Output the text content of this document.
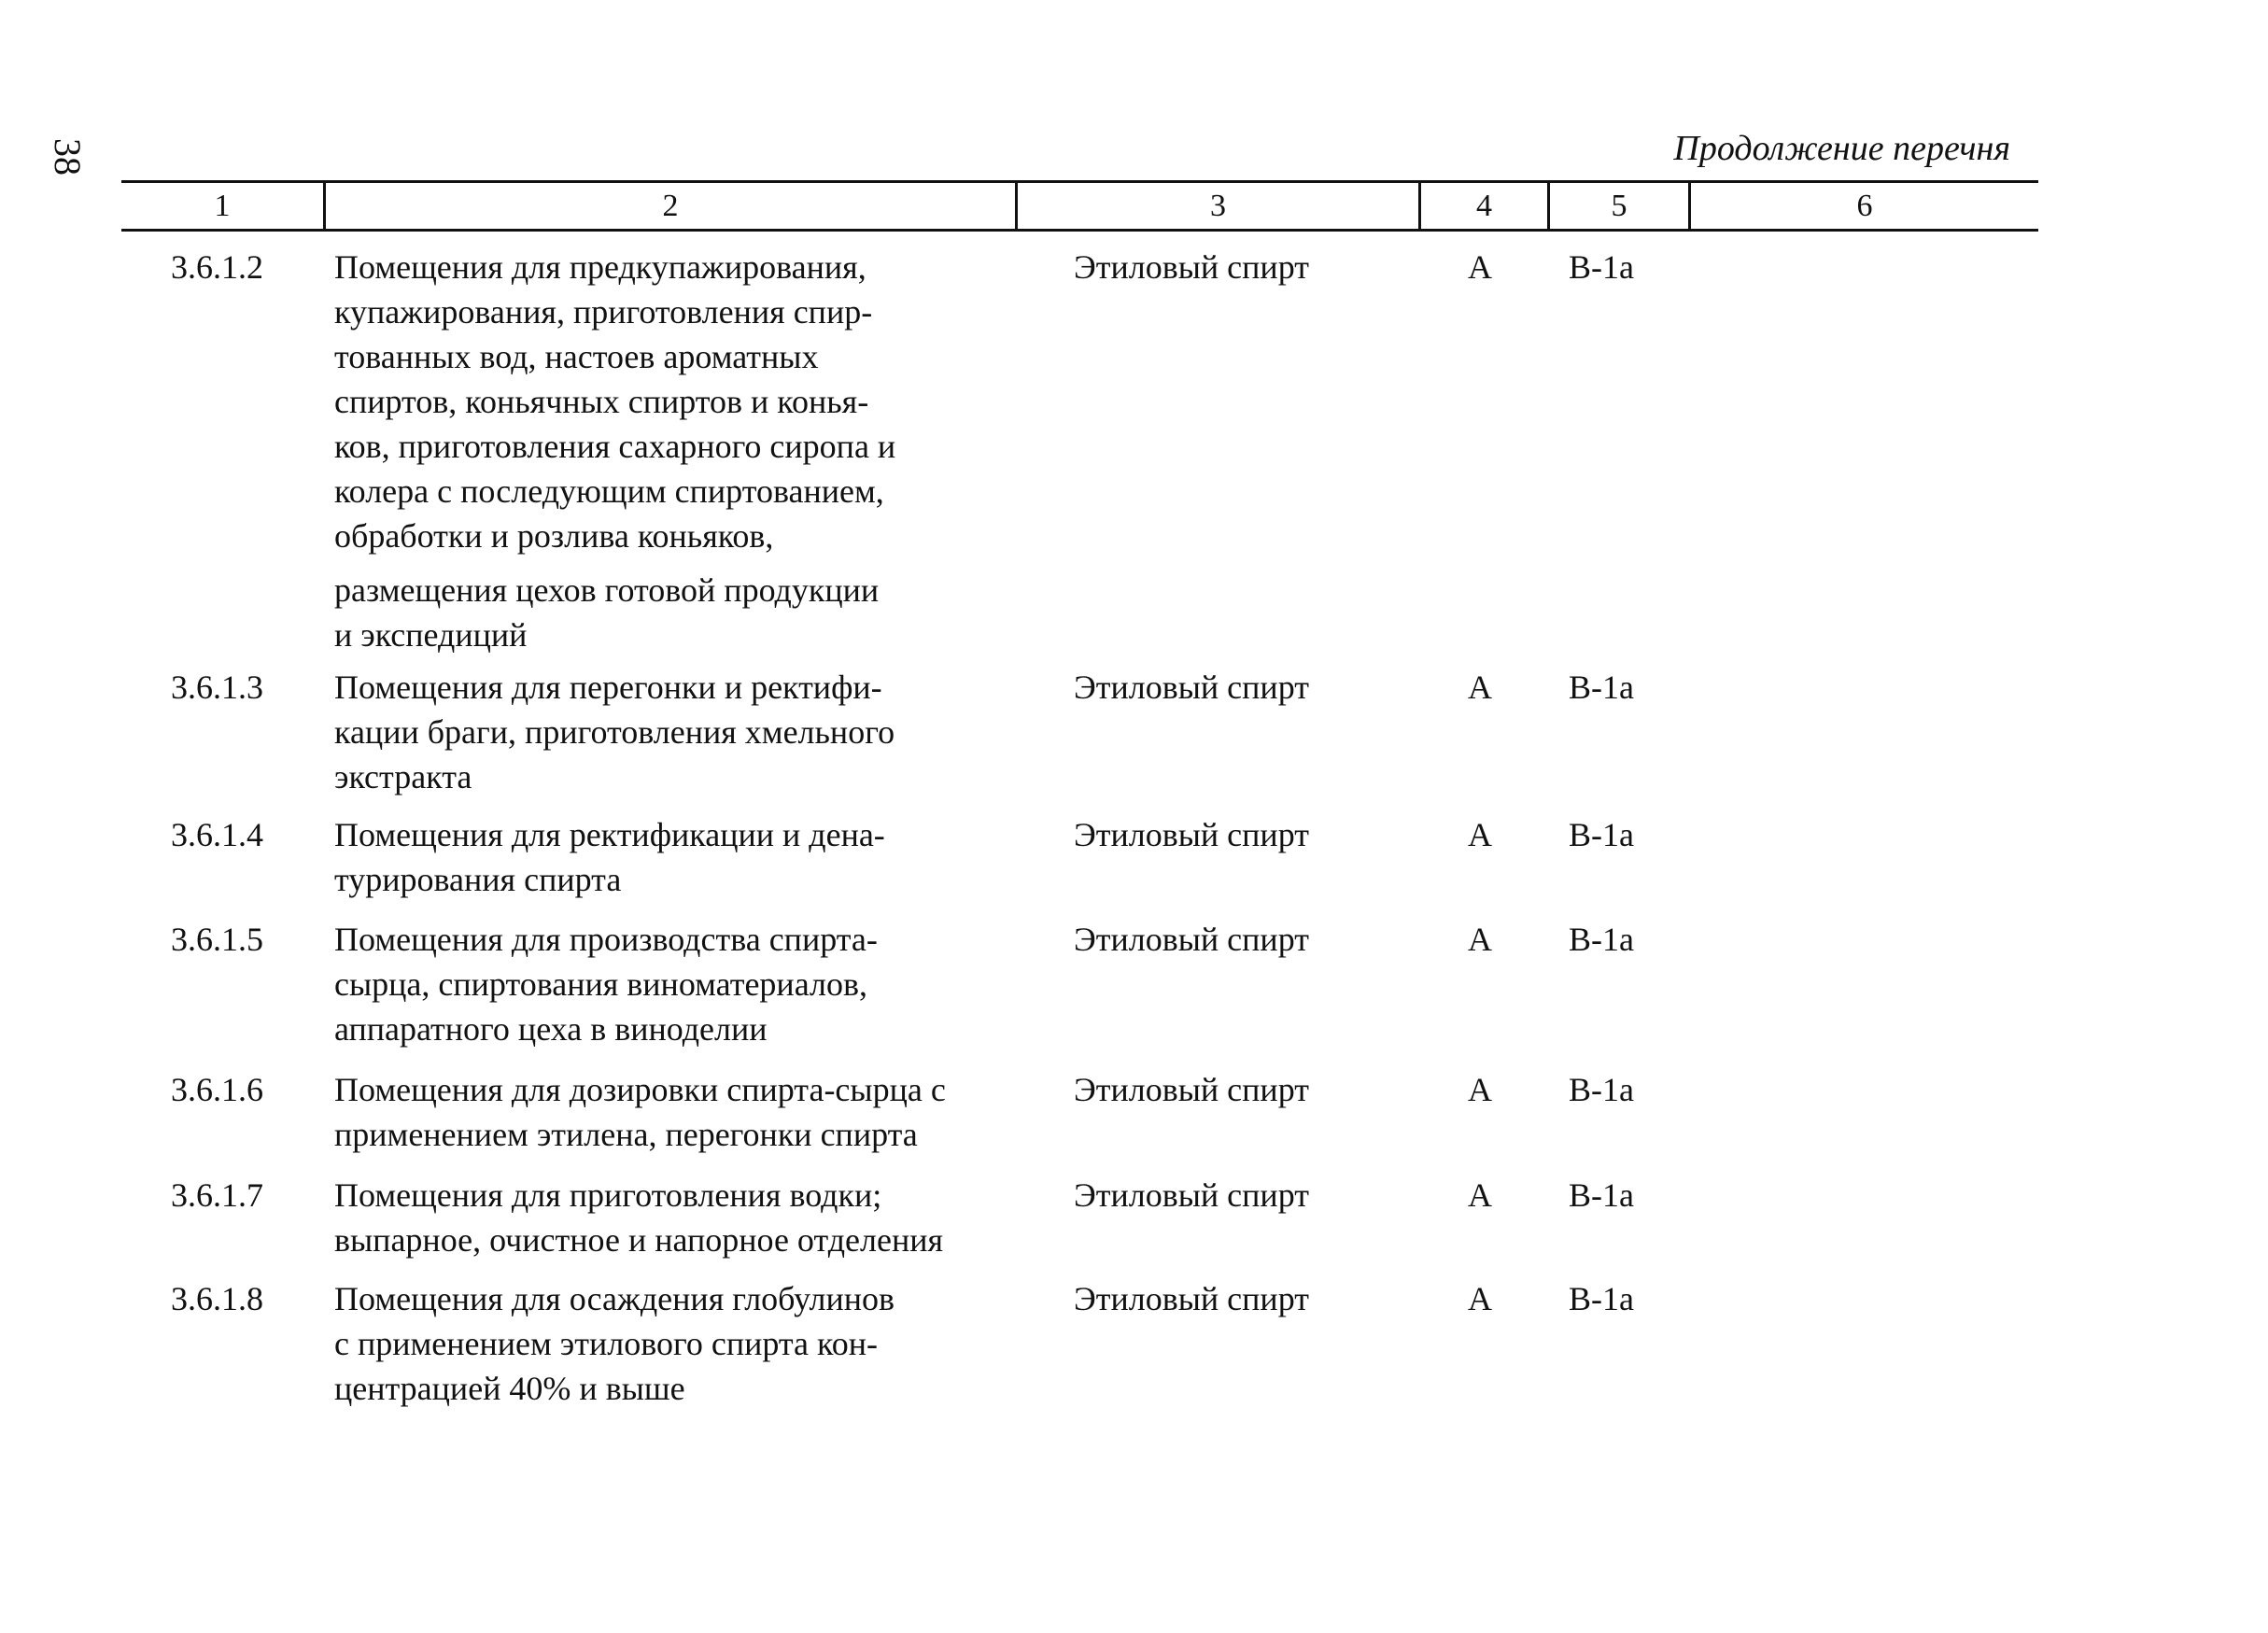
38	Продолжение перечня
1	2	3	4	5	6
3.6.1.2 Помещения для предкупажирования,
купажирования, приготовления спир-
тованных вод, настоев ароматных
спиртов, коньячных спиртов и конья-
ков, приготовления сахарного сиропа и
колера с последующим спиртованием,
обработки и розлива коньяков,
размещения цехов готовой продукции
и экспедиций
Этиловый спирт	А	В-1а
3.6.1.3 Помещения для перегонки и ректифи-
кации браги, приготовления хмельного
экстракта
Этиловый спирт	А	В-1а
3.6.1.4 Помещения для ректификации и дена-
турирования спирта
Этиловый спирт	А	В-1а
3.6.1.5 Помещения для производства спирта-
сырца, спиртования виноматериалов,
аппаратного цеха в виноделии
Этиловый спирт	А	В-1а
3.6.1.6 Помещения для дозировки спирта-сырца с
применением этилена, перегонки спирта
Этиловый спирт	А	В-1а
3.6.1.7 Помещения для приготовления водки;
выпарное, очистное и напорное отделения
Этиловый спирт	А	В-1а
3.6.1.8 Помещения для осаждения глобулинов
с применением этилового спирта кон-
центрацией 40% и выше
Этиловый спирт	А	В-1а
